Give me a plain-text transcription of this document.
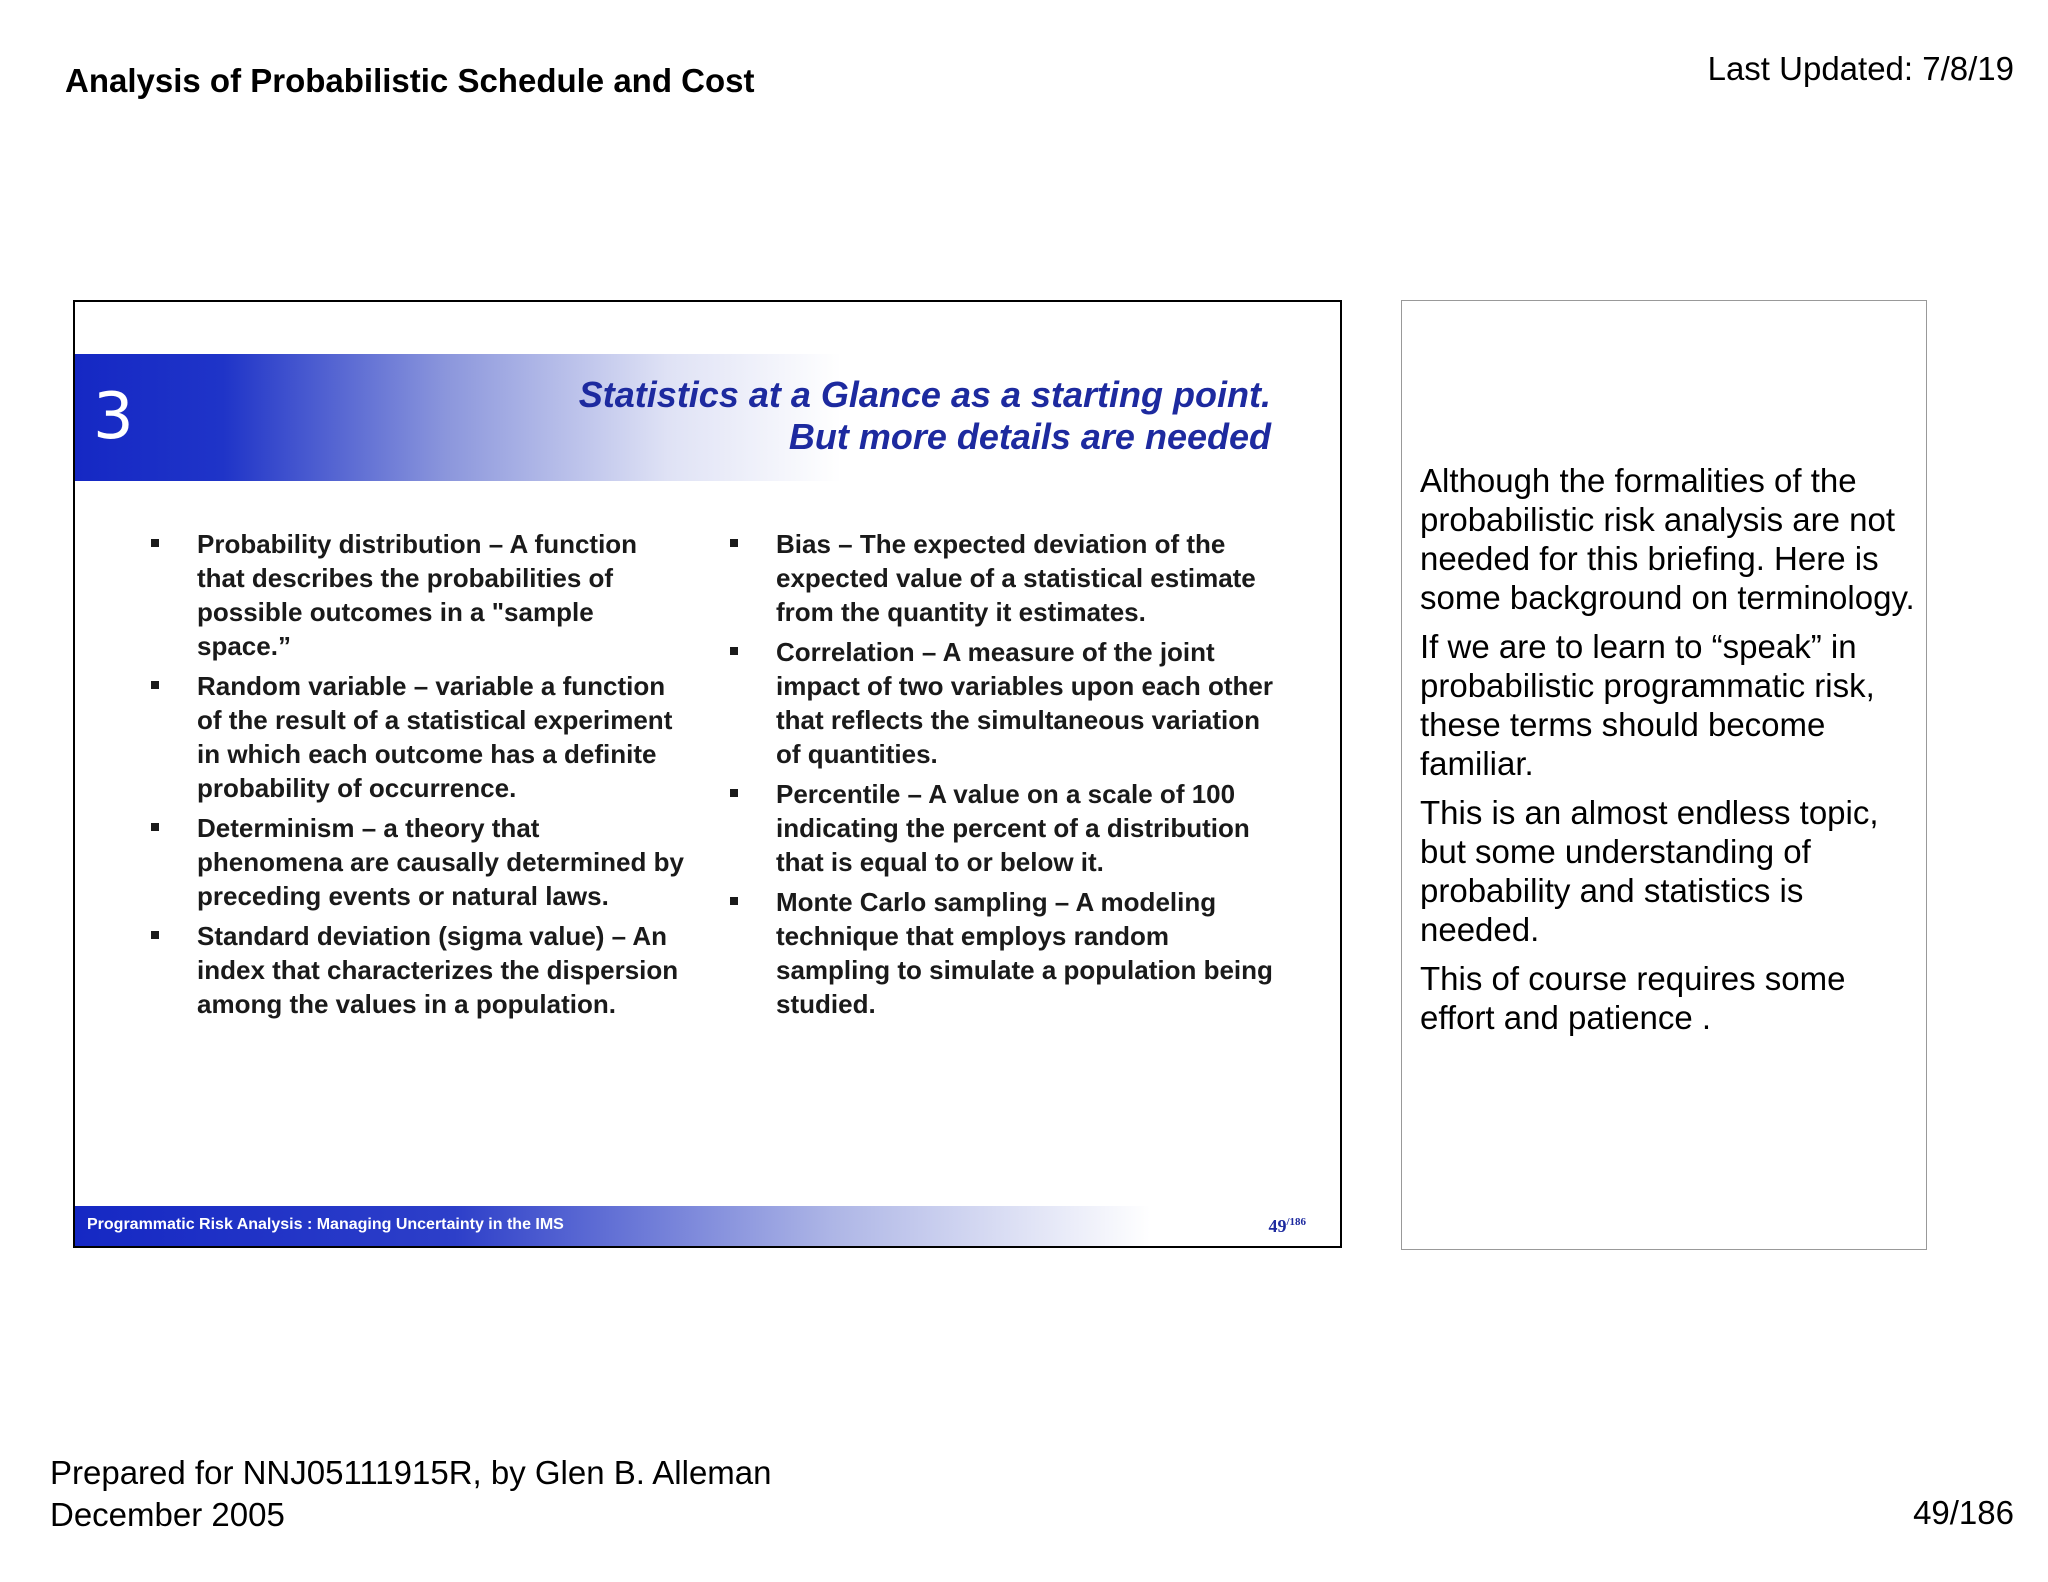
Analysis of Probabilistic Schedule and Cost	Last Updated: 7/8/19
3	Statistics at a Glance as a starting point.
But more details are needed
Probability distribution – A function that describes the probabilities of possible outcomes in a "sample space.”
Random variable – variable a function of the result of a statistical experiment in which each outcome has a definite probability of occurrence.
Determinism – a theory that phenomena are causally determined by preceding events or natural laws.
Standard deviation (sigma value) – An index that characterizes the dispersion among the values in a population.
Bias – The expected deviation of the expected value of a statistical estimate from the quantity it estimates.
Correlation – A measure of the joint impact of two variables upon each other that reflects the simultaneous variation of quantities.
Percentile – A value on a scale of 100 indicating the percent of a distribution that is equal to or below it.
Monte Carlo sampling – A modeling technique that employs random sampling to simulate a population being studied.
Programmatic Risk Analysis : Managing Uncertainty in the IMS	$49^{/186}$

Although the formalities of the probabilistic risk analysis are not needed for this briefing. Here is some background on terminology.

If we are to learn to “speak” in probabilistic programmatic risk, these terms should become familiar.

This is an almost endless topic, but some understanding of probability and statistics is needed.

This of course requires some effort and patience .

Prepared for NNJ05111915R, by Glen B. Alleman
December 2005	49/186
